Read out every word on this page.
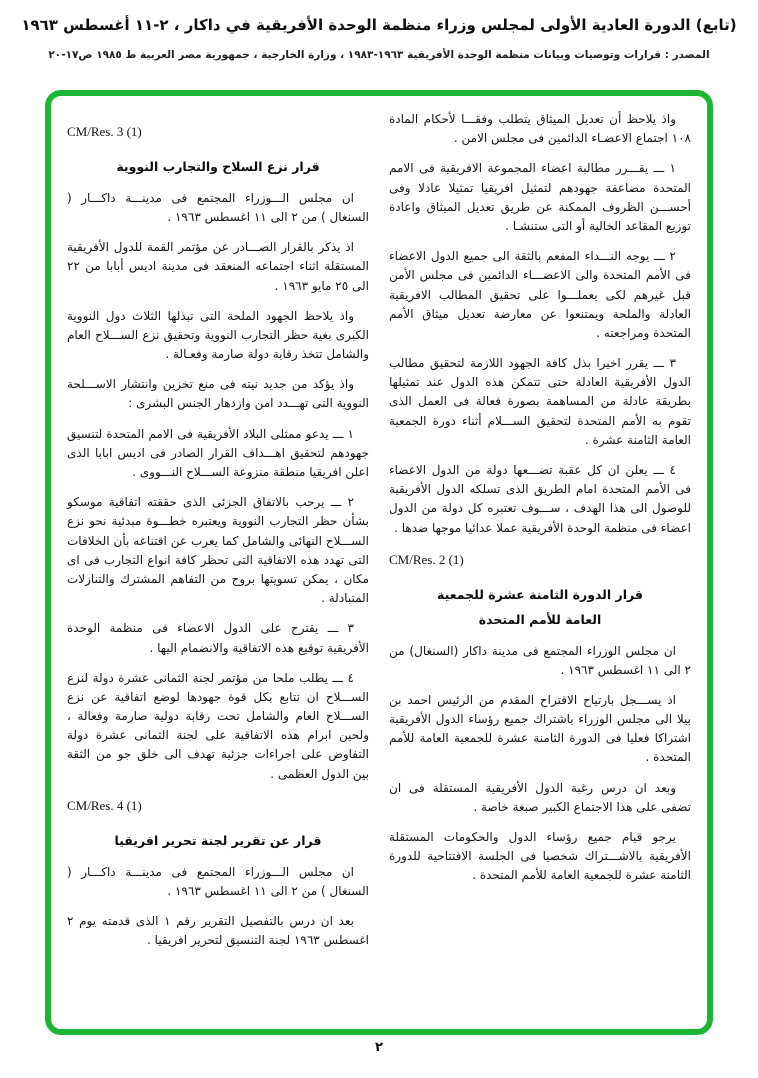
(تابع) الدورة العادية الأولى لمجلس وزراء منظمة الوحدة الأفريقية في داكار ، ٢-١١ أغسطس ١٩٦٣
المصدر : قرارات وتوصيات وبيانات منظمة الوحدة الأفريقية ١٩٦٣-١٩٨٣ ، وزارة الخارجية ، جمهورية مصر العربية ط ١٩٨٥ ص١٧-٢٠
واذ يلاحظ أن تعديل الميثاق يتطلب وفقـــا لأحكام المادة ١٠٨ اجتماع الاعضـاء الدائمين فى مجلس الامن .
١ ـــ يقـــرر مطالبة اعضاء المجموعة الافريقية فى الامم المتحدة مضاعفة جهودهم لتمثيل افريقيا تمثيلا عادلا وفى أحســـن الظروف الممكنة عن طريق تعديل الميثاق واعادة توزيع المقاعد الخالية أو التى ستنشـا .
٢ ـــ يوجه النـــداء المفعم بالثقة الى جميع الدول الاعضاء فى الأمم المتحدة والى الاعضـــاء الدائمين فى مجلس الأمن قبل غيرهم لكى يعملـــوا على تحقيق المطالب الافريقية العادلة والملحة ويمتنعوا عن معارضة تعديل ميثاق الأمم المتحدة ومراجعته .
٣ ـــ يقرر اخيرا بذل كافة الجهود اللازمة لتحقيق مطالب الدول الأفريقية العادلة حتى تتمكن هذه الدول عند تمثيلها بطريقة عادلة من المساهمة بصورة فعالة فى العمل الذى تقوم به الأمم المتحدة لتحقيق الســـلام أثناء دورة الجمعية العامة الثامنة عشرة .
٤ ـــ يعلن ان كل عقبة تضـــعها دولة من الدول الاعضاء فى الأمم المتحدة امام الطريق الذى تسلكه الدول الأفريقية للوصول الى هذا الهدف ، ســـوف تعتبره كل دولة من الدول اعضاء فى منظمة الوحدة الأفريقية عملا عدائيا موجها ضدها .
CM/Res. 2 (1)
قرار الدورة الثامنة عشرة للجمعية
العامة للأمم المتحدة
ان مجلس الوزراء المجتمع فى مدينة داكار (السنغال) من ٢ الى ١١ اغسطس ١٩٦٣ .
اذ يســـجل بارتياح الاقتراح المقدم من الرئيس احمد بن بيلا الى مجلس الوزراء باشتراك جميع رؤساء الدول الأفريقية اشتراكا فعليا فى الدورة الثامنة عشرة للجمعية العامة للأمم المتحدة .
وبعد ان درس رغبة الدول الأفريقية المستقلة فى ان تضفى على هذا الاجتماع الكبير صبغة خاصة .
يرجو قيام جميع رؤساء الدول والحكومات المستقلة الأفريقية بالاشـــتراك شخصيا فى الجلسة الافتتاحية للدورة الثامنة عشرة للجمعية العامة للأمم المتحدة .
CM/Res. 3 (1)
قرار نزع السلاح والتجارب النووية
ان مجلس الـــوزراء المجتمع فى مدينـــة داكـــار ( السنغال ) من ٢ الى ١١ اغسطس ١٩٦٣ .
اذ يذكر بالقرار الصـــادر عن مؤتمر القمة للدول الأفريقية المستقلة اثناء اجتماعه المنعقد فى مدينة اديس أبابا من ٢٢ الى ٢٥ مايو ١٩٦٣ .
واذ يلاحظ الجهود الملحة التى تبذلها الثلاث دول النووية الكبرى بغية حظر التجارب النووية وتحقيق نزع الســـلاح العام والشامل تتخذ رقابة دولة صارمة وفعـالة .
واذ يؤكد من جديد نيته فى منع تخزين وانتشار الاســـلحة النووية التى تهـــدد امن وازدهار الجنس البشرى :
١ ـــ يدعو ممثلى البلاد الأفريقية فى الامم المتحدة لتنسيق جهودهم لتحقيق اهـــداف القرار الصادر فى اديس ابابا الذى اعلن افريقيا منطقة منزوعة الســـلاح النـــووى .
٢ ـــ يرحب بالاتفاق الجزئى الذى حققته اتفاقية موسكو بشأن حظر التجارب النووية ويعتبره خطـــوة مبدئية نحو نزع الســـلاح النهائى والشامل كما يعرب عن اقتناعه بأن الخلافات التى تهدد هذه الاتفاقية التى تحظر كافة انواع التجارب فى اى مكان ، يمكن تسويتها بروح من التفاهم المشترك والتنازلات المتبادلة .
٣ ـــ يقترح على الدول الاعضاء فى منظمة الوحدة الأفريقية توقيع هذه الاتفاقية والانضمام اليها .
٤ ـــ يطلب ملحا من مؤتمر لجنة الثمانى عشرة دولة لنزع الســـلاح ان تتابع بكل قوة جهودها لوضع اتفاقية عن نزع الســـلاح العام والشامل تحت رقابة دولية صارمة وفعالة ، ولحين ابرام هذه الاتفاقية على لجنة الثمانى عشرة دولة التفاوض على اجراءات جزئية تهدف الى خلق جو من الثقة بين الدول العظمى .
CM/Res. 4 (1)
قرار عن تقرير لجنة تحرير افريقيا
ان مجلس الـــوزراء المجتمع فى مدينـــة داكـــار ( السنغال ) من ٢ الى ١١ اغسطس ١٩٦٣ .
بعد ان درس بالتفصيل التقرير رقم ١ الذى قدمته يوم ٢ اغسطس ١٩٦٣ لجنة التنسيق لتحرير افريقيا .
٢
